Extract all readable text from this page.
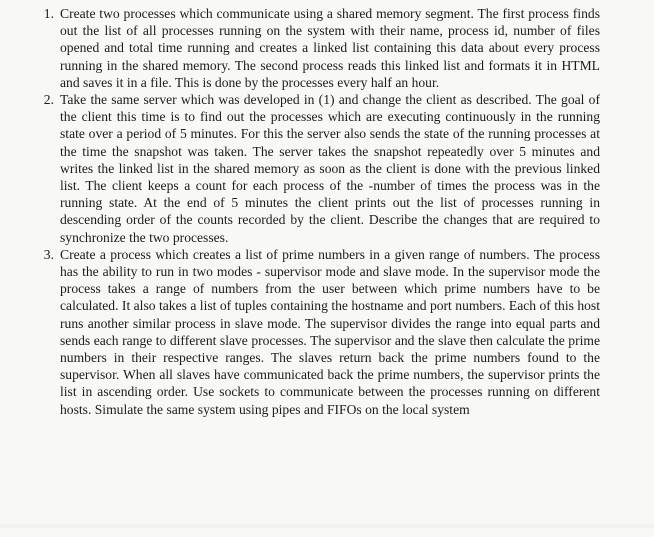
1. Create two processes which communicate using a shared memory segment. The first process finds out the list of all processes running on the system with their name, process id, number of files opened and total time running and creates a linked list containing this data about every process running in the shared memory. The second process reads this linked list and formats it in HTML and saves it in a file. This is done by the processes every half an hour.
2. Take the same server which was developed in (1) and change the client as described. The goal of the client this time is to find out the processes which are executing continuously in the running state over a period of 5 minutes. For this the server also sends the state of the running processes at the time the snapshot was taken. The server takes the snapshot repeatedly over 5 minutes and writes the linked list in the shared memory as soon as the client is done with the previous linked list. The client keeps a count for each process of the -number of times the process was in the running state. At the end of 5 minutes the client prints out the list of processes running in descending order of the counts recorded by the client. Describe the changes that are required to synchronize the two processes.
3. Create a process which creates a list of prime numbers in a given range of numbers. The process has the ability to run in two modes - supervisor mode and slave mode. In the supervisor mode the process takes a range of numbers from the user between which prime numbers have to be calculated. It also takes a list of tuples containing the hostname and port numbers. Each of this host runs another similar process in slave mode. The supervisor divides the range into equal parts and sends each range to different slave processes. The supervisor and the slave then calculate the prime numbers in their respective ranges. The slaves return back the prime numbers found to the supervisor. When all slaves have communicated back the prime numbers, the supervisor prints the list in ascending order. Use sockets to communicate between the processes running on different hosts. Simulate the same system using pipes and FIFOs on the local system
